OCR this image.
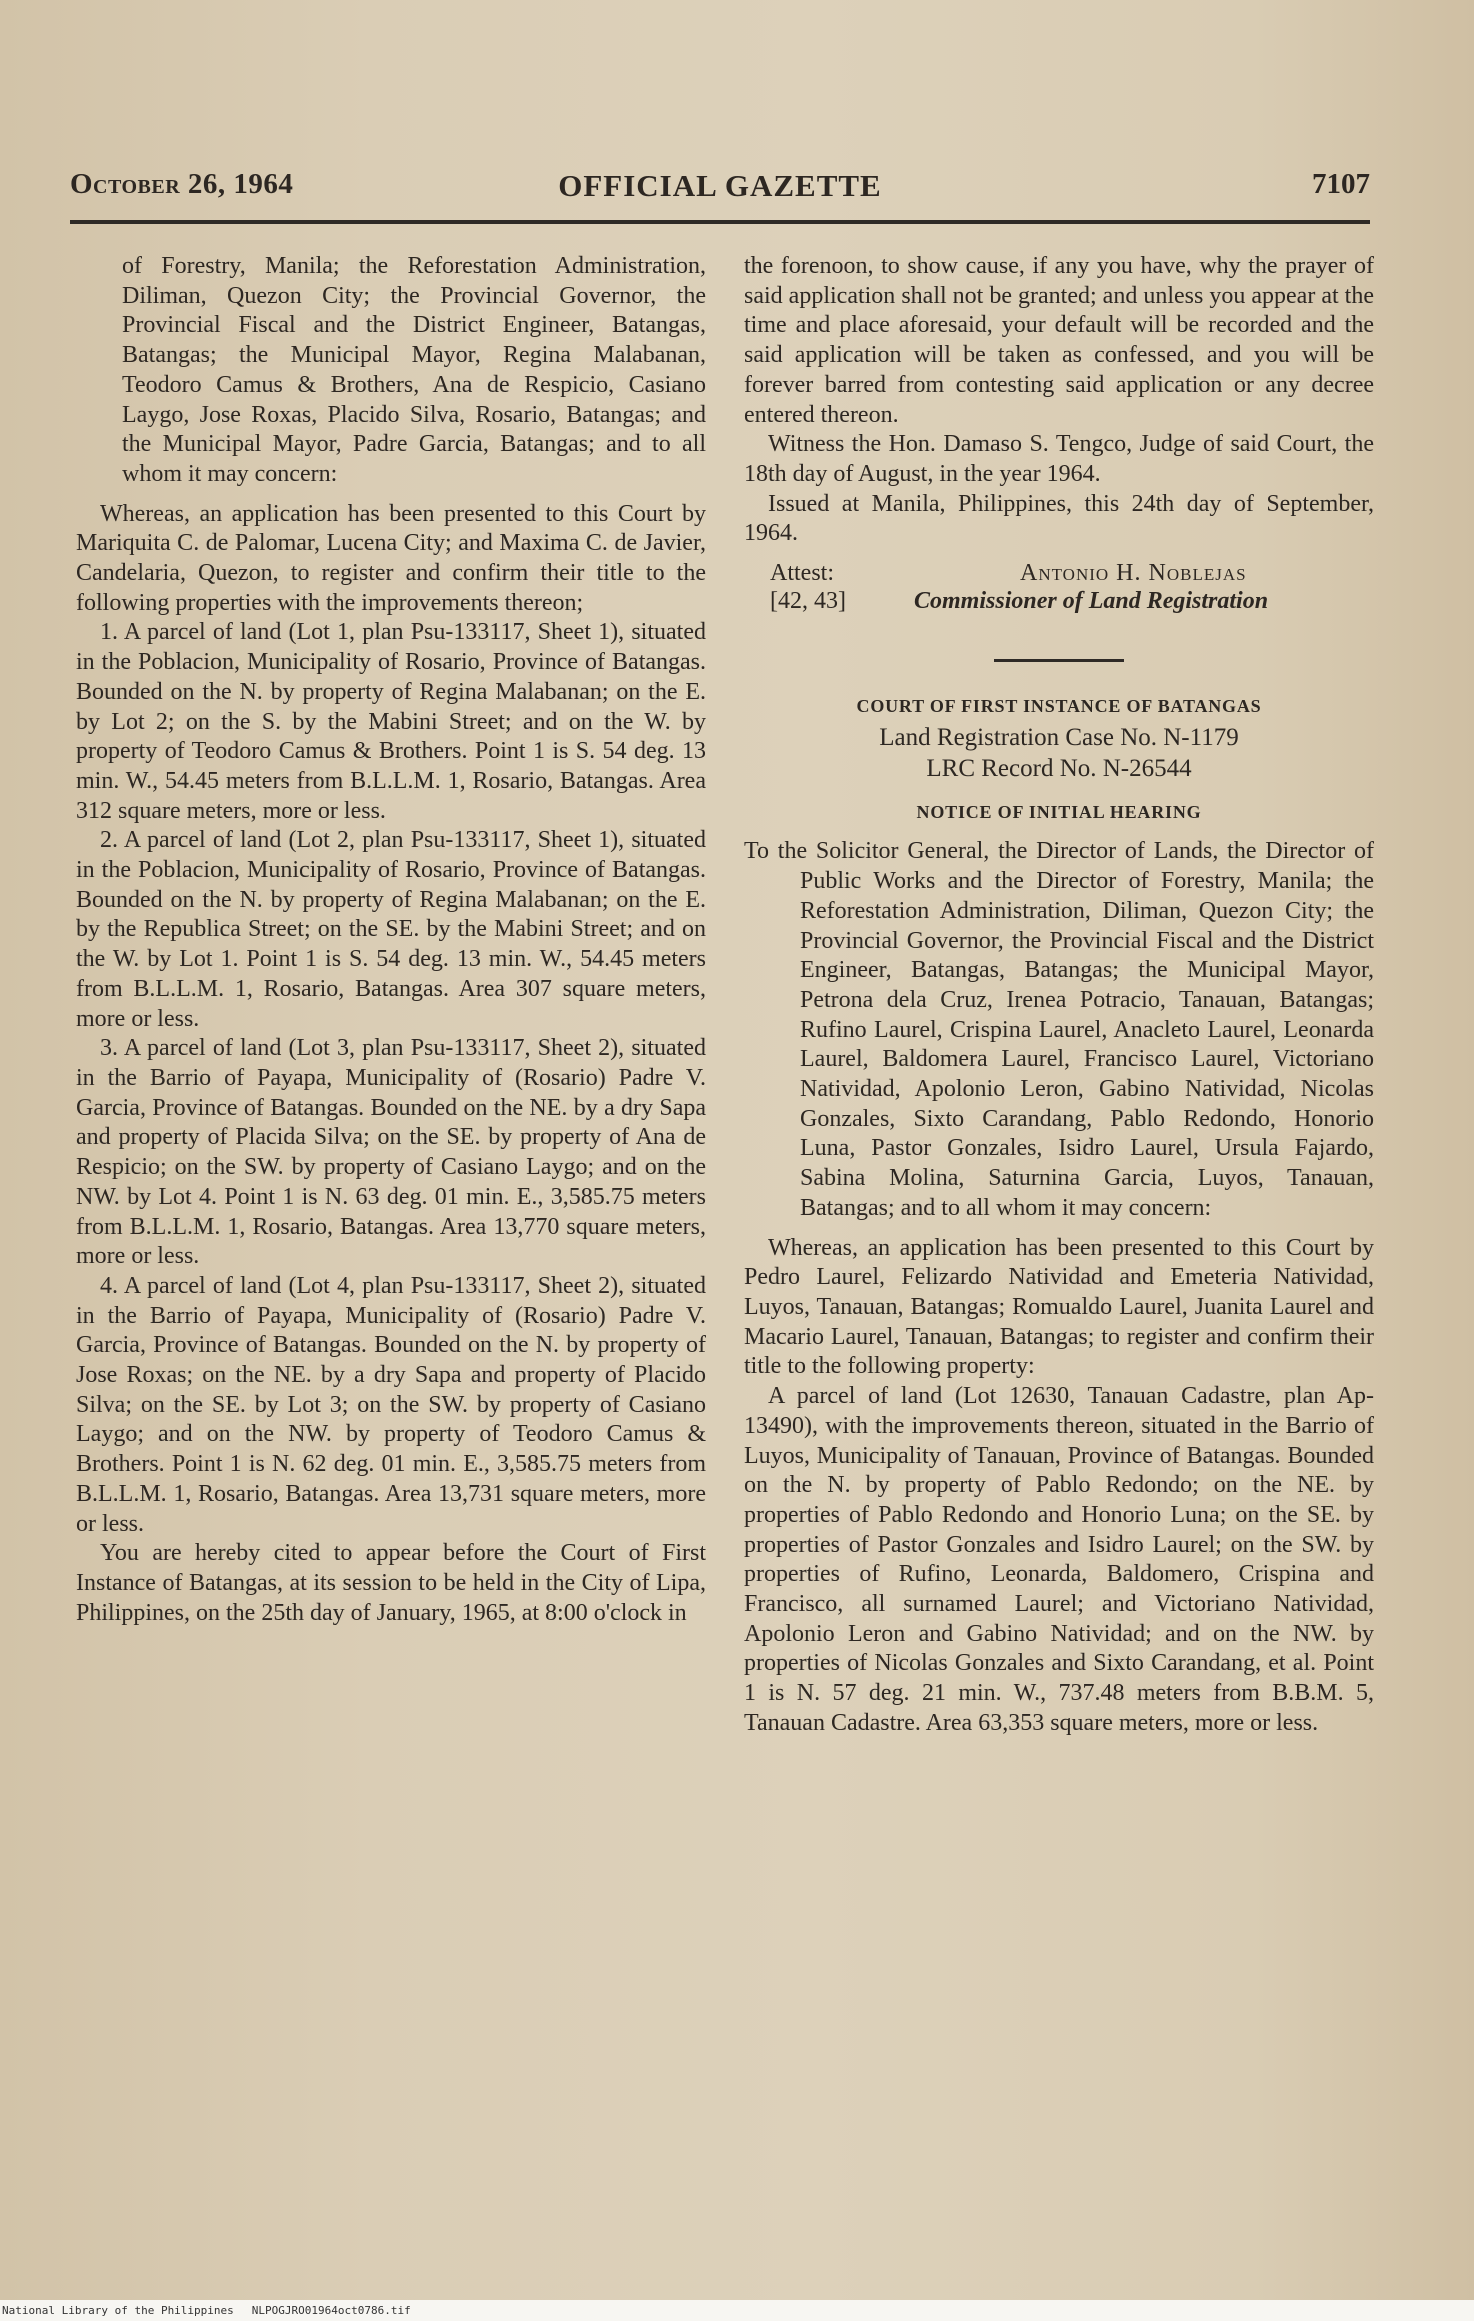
October 26, 1964	OFFICIAL GAZETTE	7107

of Forestry, Manila; the Reforestation Administration, Diliman, Quezon City; the Provincial Governor, the Provincial Fiscal and the District Engineer, Batangas, Batangas; the Municipal Mayor, Regina Malabanan, Teodoro Camus & Brothers, Ana de Respicio, Casiano Laygo, Jose Roxas, Placido Silva, Rosario, Batangas; and the Municipal Mayor, Padre Garcia, Batangas; and to all whom it may concern:

Whereas, an application has been presented to this Court by Mariquita C. de Palomar, Lucena City; and Maxima C. de Javier, Candelaria, Quezon, to register and confirm their title to the following properties with the improvements thereon;

1. A parcel of land (Lot 1, plan Psu-133117, Sheet 1), situated in the Poblacion, Municipality of Rosario, Province of Batangas. Bounded on the N. by property of Regina Malabanan; on the E. by Lot 2; on the S. by the Mabini Street; and on the W. by property of Teodoro Camus & Brothers. Point 1 is S. 54 deg. 13 min. W., 54.45 meters from B.L.L.M. 1, Rosario, Batangas. Area 312 square meters, more or less.

2. A parcel of land (Lot 2, plan Psu-133117, Sheet 1), situated in the Poblacion, Municipality of Rosario, Province of Batangas. Bounded on the N. by property of Regina Malabanan; on the E. by the Republica Street; on the SE. by the Mabini Street; and on the W. by Lot 1. Point 1 is S. 54 deg. 13 min. W., 54.45 meters from B.L.L.M. 1, Rosario, Batangas. Area 307 square meters, more or less.

3. A parcel of land (Lot 3, plan Psu-133117, Sheet 2), situated in the Barrio of Payapa, Municipality of (Rosario) Padre V. Garcia, Province of Batangas. Bounded on the NE. by a dry Sapa and property of Placida Silva; on the SE. by property of Ana de Respicio; on the SW. by property of Casiano Laygo; and on the NW. by Lot 4. Point 1 is N. 63 deg. 01 min. E., 3,585.75 meters from B.L.L.M. 1, Rosario, Batangas. Area 13,770 square meters, more or less.

4. A parcel of land (Lot 4, plan Psu-133117, Sheet 2), situated in the Barrio of Payapa, Municipality of (Rosario) Padre V. Garcia, Province of Batangas. Bounded on the N. by property of Jose Roxas; on the NE. by a dry Sapa and property of Placido Silva; on the SE. by Lot 3; on the SW. by property of Casiano Laygo; and on the NW. by property of Teodoro Camus & Brothers. Point 1 is N. 62 deg. 01 min. E., 3,585.75 meters from B.L.L.M. 1, Rosario, Batangas. Area 13,731 square meters, more or less.

You are hereby cited to appear before the Court of First Instance of Batangas, at its session to be held in the City of Lipa, Philippines, on the 25th day of January, 1965, at 8:00 o'clock in

the forenoon, to show cause, if any you have, why the prayer of said application shall not be granted; and unless you appear at the time and place aforesaid, your default will be recorded and the said application will be taken as confessed, and you will be forever barred from contesting said application or any decree entered thereon.

Witness the Hon. Damaso S. Tengco, Judge of said Court, the 18th day of August, in the year 1964.

Issued at Manila, Philippines, this 24th day of September, 1964.

Attest:
[42, 43]
Antonio H. Noblejas
Commissioner of Land Registration

COURT OF FIRST INSTANCE OF BATANGAS

Land Registration Case No. N-1179

LRC Record No. N-26544

NOTICE OF INITIAL HEARING

To the Solicitor General, the Director of Lands, the Director of Public Works and the Director of Forestry, Manila; the Reforestation Administration, Diliman, Quezon City; the Provincial Governor, the Provincial Fiscal and the District Engineer, Batangas, Batangas; the Municipal Mayor, Petrona dela Cruz, Irenea Potracio, Tanauan, Batangas; Rufino Laurel, Crispina Laurel, Anacleto Laurel, Leonarda Laurel, Baldomera Laurel, Francisco Laurel, Victoriano Natividad, Apolonio Leron, Gabino Natividad, Nicolas Gonzales, Sixto Carandang, Pablo Redondo, Honorio Luna, Pastor Gonzales, Isidro Laurel, Ursula Fajardo, Sabina Molina, Saturnina Garcia, Luyos, Tanauan, Batangas; and to all whom it may concern:

Whereas, an application has been presented to this Court by Pedro Laurel, Felizardo Natividad and Emeteria Natividad, Luyos, Tanauan, Batangas; Romualdo Laurel, Juanita Laurel and Macario Laurel, Tanauan, Batangas; to register and confirm their title to the following property:

A parcel of land (Lot 12630, Tanauan Cadastre, plan Ap-13490), with the improvements thereon, situated in the Barrio of Luyos, Municipality of Tanauan, Province of Batangas. Bounded on the N. by property of Pablo Redondo; on the NE. by properties of Pablo Redondo and Honorio Luna; on the SE. by properties of Pastor Gonzales and Isidro Laurel; on the SW. by properties of Rufino, Leonarda, Baldomero, Crispina and Francisco, all surnamed Laurel; and Victoriano Natividad, Apolonio Leron and Gabino Natividad; and on the NW. by properties of Nicolas Gonzales and Sixto Carandang, et al. Point 1 is N. 57 deg. 21 min. W., 737.48 meters from B.B.M. 5, Tanauan Cadastre. Area 63,353 square meters, more or less.

National Library of the Philippines NLPOGJRO01964oct0786.tif
